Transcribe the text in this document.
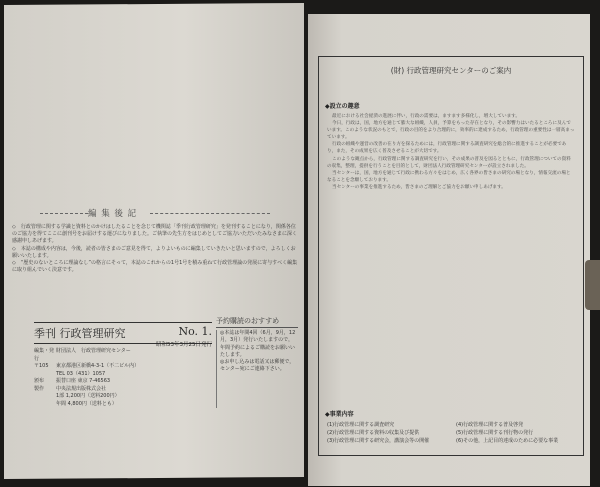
編 集 後 記

◇　行政管理に関する学識と資料とのかけはしたることを念じて機関誌「季刊行政管理研究」を発刊することになり，関係各位のご協力を得てここに創刊号をお届けする運びになりました。ご執筆の先生方をはじめとしてご協力いただいたみなさまに深く感謝申しあげます。

◇　本誌の構成や内容は，今後，読者の皆さまのご意見を得て，よりよいものに編集していきたいと思いますので，よろしくお願いいたします。

◇　“歴史のないところに理論なし”の格言にそって，本誌のこれからの1号1号を積み重ねて行政管理論の発展に寄与すべく編集に取り組んでいく決意です。

季刊 行政管理研究	No. 1.
昭和53年3月25日発行
編集・発行
財団法人　行政管理研究センター
〒105	東京都港区新橋4-3-1（不二ビル内）
TEL 03（431）1057
頒布	振替口座 東京 7-46563
製作	中央法規出版株式会社
1部 1,200円（送料200円）
年間 4,800円（送料とも）
予約購読のおすすめ
◎本誌は年間4回（6月，9月，12月，3月）発行いたしますので，年間予約によるご購読をお願いいたします。
◎お申し込みは電話又は郵便で，センター宛にご連絡下さい。
(財) 行政管理研究センターのご案内
◆設立の趣意

最近における社会経済の進展に伴い，行政の需要は，ますます多様化し，増大しています。

今日，行政は，国，地方を通じて膨大な組織，人員，予算をもった存在となり，その影響力はいたるところに及んでいます。このような状況のもとで，行政の目的をより合理的に，効率的に達成するため，行政管理の重要性は一層高まっています。

行政の組織や運営の改善の在り方を探るためには，行政管理に関する調査研究を総合的に推進することが必要であり，また，その成果を広く普及させることが大切です。

このような観点から，行政管理に関する調査研究を行い，その成果の普及を図るとともに，行政管理についての資料の収集，整理，提供を行うことを目的として，財団法人行政管理研究センターが設立されました。

当センターは，国，地方を通じて行政に携わる方々をはじめ，広く各界の皆さまの研究の場となり，情報交流の場となることを念願しております。

当センターの事業を推進するため，皆さまのご理解とご協力をお願い申しあげます。

◆事業内容
(1)行政管理に関する調査研究	(4)行政管理に関する普及啓発
(2)行政管理に関する資料の収集及び提供	(5)行政管理に関する刊行物の発行
(3)行政管理に関する研究会，講演会等の開催	(6)その他，上記目的達成のために必要な事業
